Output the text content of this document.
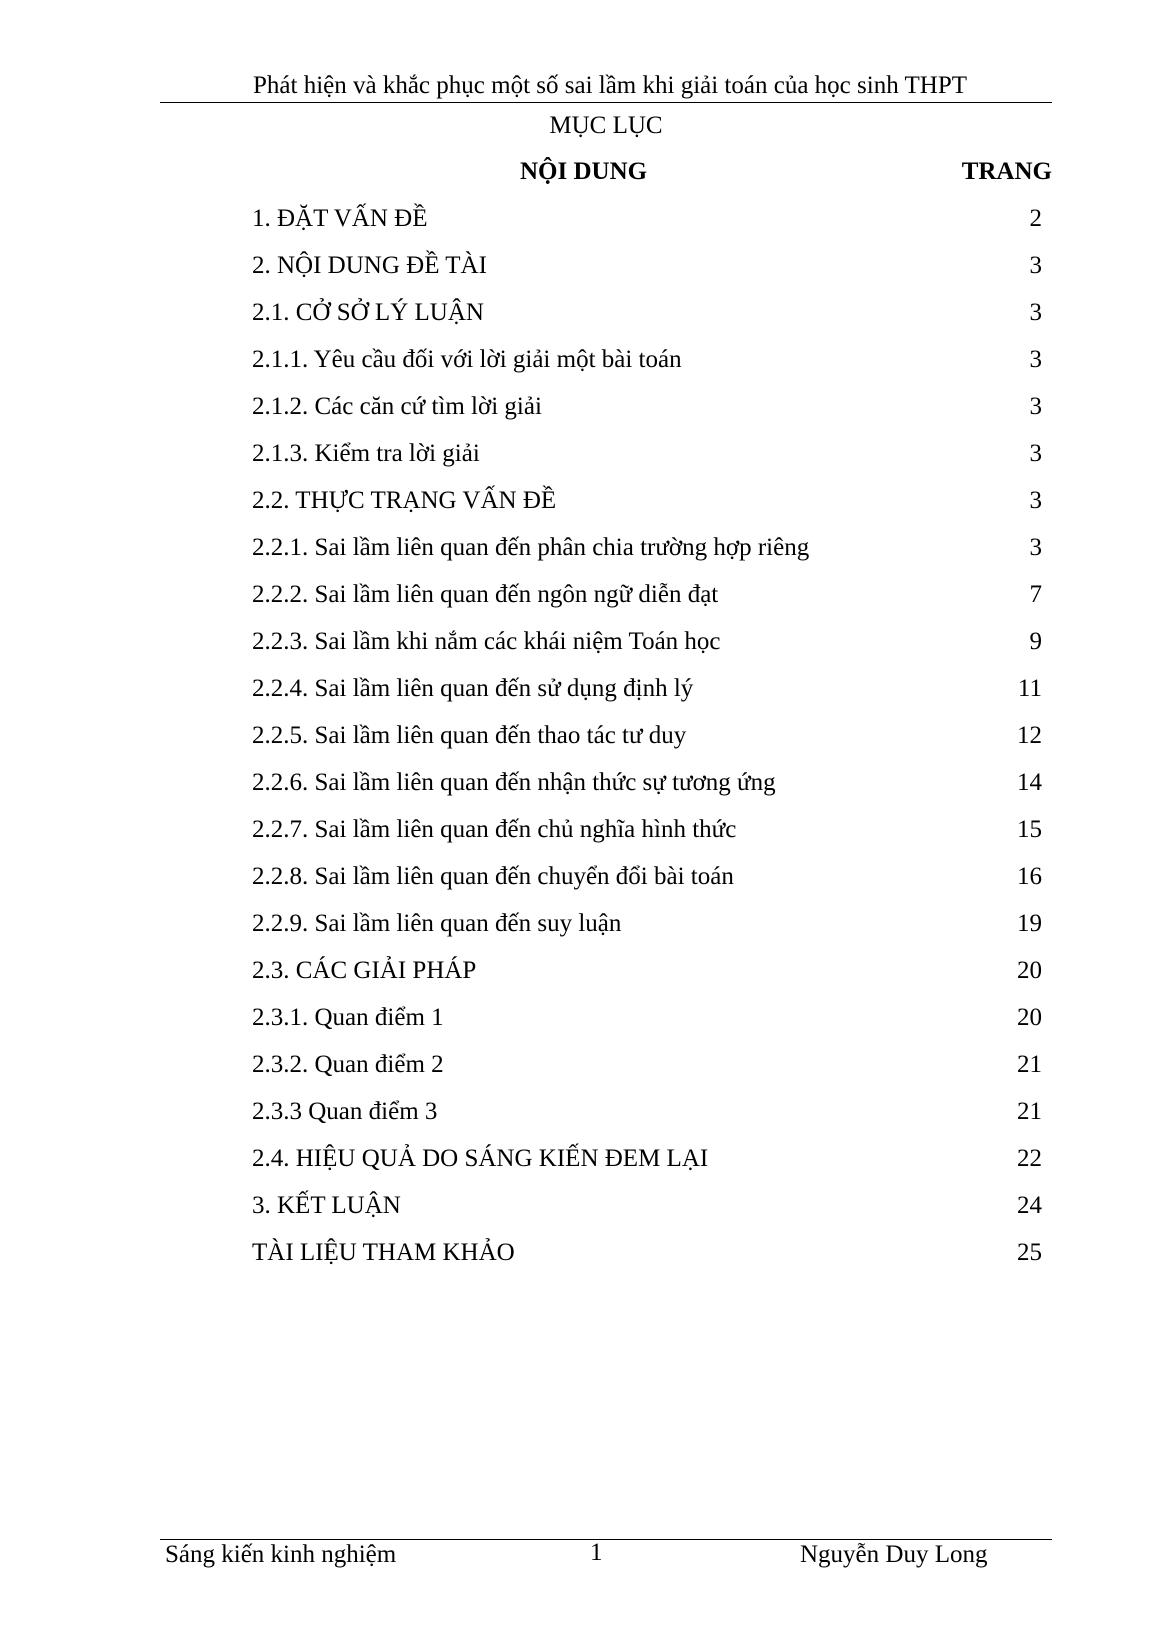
Phát hiện và khắc phục một số sai lầm khi giải toán của học sinh THPT
MỤC LỤC
NỘI DUNG	TRANG
1. ĐẶT VẤN ĐỀ	2
2. NỘI DUNG ĐỀ TÀI	3
2.1. CỞ SỞ LÝ LUẬN	3
2.1.1. Yêu cầu đối với lời giải một bài toán	3
2.1.2. Các căn cứ tìm lời giải	3
2.1.3. Kiểm tra lời giải	3
2.2. THỰC TRẠNG VẤN ĐỀ	3
2.2.1. Sai lầm liên quan đến phân chia trường hợp riêng	3
2.2.2. Sai lầm liên quan đến ngôn ngữ diễn đạt	7
2.2.3. Sai lầm khi nắm các khái niệm Toán học	9
2.2.4. Sai lầm liên quan đến sử dụng định lý	11
2.2.5. Sai lầm liên quan đến thao tác tư duy	12
2.2.6. Sai lầm liên quan đến nhận thức sự tương ứng	14
2.2.7. Sai lầm liên quan đến chủ nghĩa hình thức	15
2.2.8. Sai lầm liên quan đến chuyển đổi bài toán	16
2.2.9. Sai lầm liên quan đến suy luận	19
2.3. CÁC GIẢI PHÁP	20
2.3.1. Quan điểm 1	20
2.3.2. Quan điểm 2	21
2.3.3 Quan điểm 3	21
2.4. HIỆU QUẢ DO SÁNG KIẾN ĐEM LẠI	22
3. KẾT LUẬN	24
TÀI LIỆU THAM KHẢO	25
Sáng kiến kinh nghiệm	1	Nguyễn Duy Long
